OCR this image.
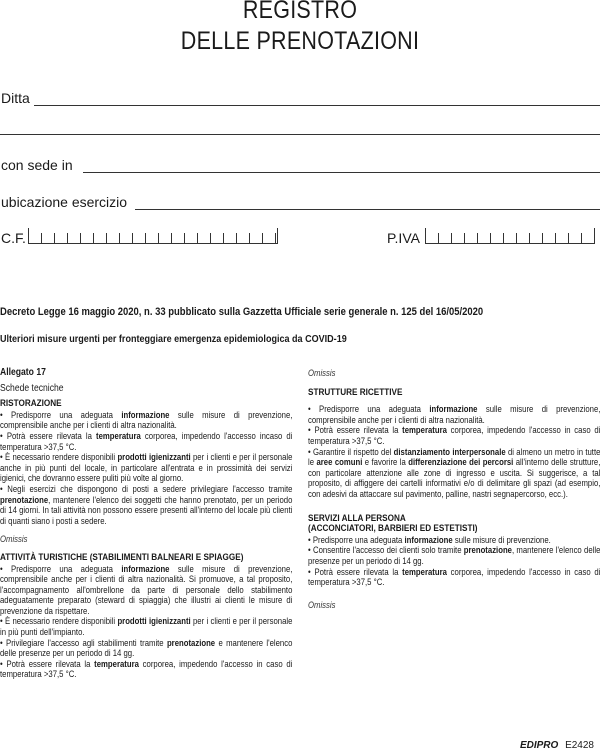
REGISTRO
DELLE PRENOTAZIONI
Ditta
con sede in
ubicazione esercizio
C.F.	P.IVA
Decreto Legge 16 maggio 2020, n. 33 pubblicato sulla Gazzetta Ufficiale serie generale n. 125 del 16/05/2020
Ulteriori misure urgenti per fronteggiare emergenza epidemiologica da COVID-19
Allegato 17
Schede tecniche
RISTORAZIONE

• Predisporre una adeguata informazione sulle misure di prevenzione, comprensibile anche per i clienti di altra nazionalità.

• Potrà essere rilevata la temperatura corporea, impedendo l'accesso incaso di temperatura >37,5 °C.

• È necessario rendere disponibili prodotti igienizzanti per i clienti e per il personale anche in più punti del locale, in particolare all'entrata e in prossimità dei servizi igienici, che dovranno essere puliti più volte al giorno.

• Negli esercizi che dispongono di posti a sedere privilegiare l'accesso tramite prenotazione, mantenere l'elenco dei soggetti che hanno prenotato, per un periodo di 14 giorni. In tali attività non possono essere presenti all'interno del locale più clienti di quanti siano i posti a sedere.

Omissis
ATTIVITÀ TURISTICHE (STABILIMENTI BALNEARI E SPIAGGE)

• Predisporre una adeguata informazione sulle misure di prevenzione, comprensibile anche per i clienti di altra nazionalità. Si promuove, a tal proposito, l'accompagnamento all'ombrellone da parte di personale dello stabilimento adeguatamente preparato (steward di spiaggia) che illustri ai clienti le misure di prevenzione da rispettare.

• È necessario rendere disponibili prodotti igienizzanti per i clienti e per il personale in più punti dell'impianto.

• Privilegiare l'accesso agli stabilimenti tramite prenotazione e mantenere l'elenco delle presenze per un periodo di 14 gg.

• Potrà essere rilevata la temperatura corporea, impedendo l'accesso in caso di temperatura >37,5 °C.

Omissis
STRUTTURE RICETTIVE

• Predisporre una adeguata informazione sulle misure di prevenzione, comprensibile anche per i clienti di altra nazionalità.

• Potrà essere rilevata la temperatura corporea, impedendo l'accesso in caso di temperatura >37,5 °C.

• Garantire il rispetto del distanziamento interpersonale di almeno un metro in tutte le aree comuni e favorire la differenziazione dei percorsi all'interno delle strutture, con particolare attenzione alle zone di ingresso e uscita. Si suggerisce, a tal proposito, di affiggere dei cartelli informativi e/o di delimitare gli spazi (ad esempio, con adesivi da attaccare sul pavimento, palline, nastri segnapercorso, ecc.).

SERVIZI ALLA PERSONA
(ACCONCIATORI, BARBIERI ED ESTETISTI)

• Predisporre una adeguata informazione sulle misure di prevenzione.

• Consentire l'accesso dei clienti solo tramite prenotazione, mantenere l'elenco delle presenze per un periodo di 14 gg.

• Potrà essere rilevata la temperatura corporea, impedendo l'accesso in caso di temperatura >37,5 °C.

Omissis
EDIPRO E2428
